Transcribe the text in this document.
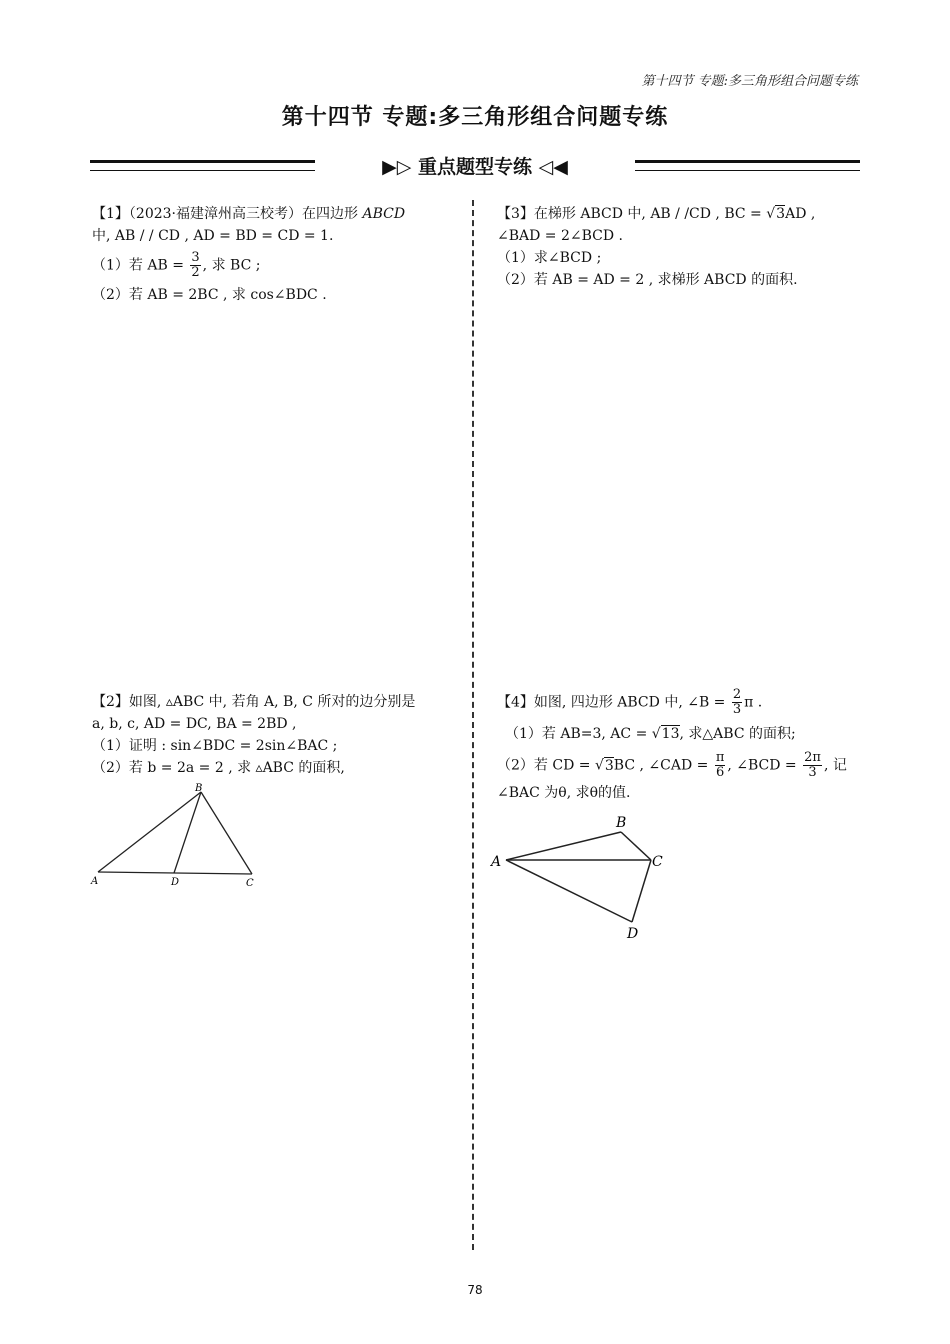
第十四节 专题:多三角形组合问题专练
第十四节 专题:多三角形组合问题专练
▶▷ 重点题型专练 ◁◀

【1】（2023·福建漳州高三校考）在四边形 ABCD

中, AB / / CD , AD = BD = CD = 1.

（1）若 AB = $\frac{3}{2}$ , 求 BC ;

（2）若 AB = 2BC , 求 cos∠BDC .

【3】在梯形 ABCD 中, AB / /CD , BC = √3AD ,

∠BAD = 2∠BCD .

（1）求∠BCD ;

（2）若 AB = AD = 2 , 求梯形 ABCD 的面积.

【2】如图, ▵ABC 中, 若角 A, B, C 所对的边分别是

a, b, c, AD = DC, BA = 2BD ,

（1）证明 : sin∠BDC = 2sin∠BAC ;

（2）若 b = 2a = 2 , 求 ▵ABC 的面积,

B
A	D	C

【4】如图, 四边形 ABCD 中, ∠B = $\frac{2}{3}$ π .

（1）若 AB=3, AC = √13, 求△ABC 的面积;

（2）若 CD = √3BC , ∠CAD = $\frac{\pi}{6}$ , ∠BCD = $\frac{2\pi}{3}$ , 记

∠BAC 为θ, 求θ的值.

A
B
C
D
78
